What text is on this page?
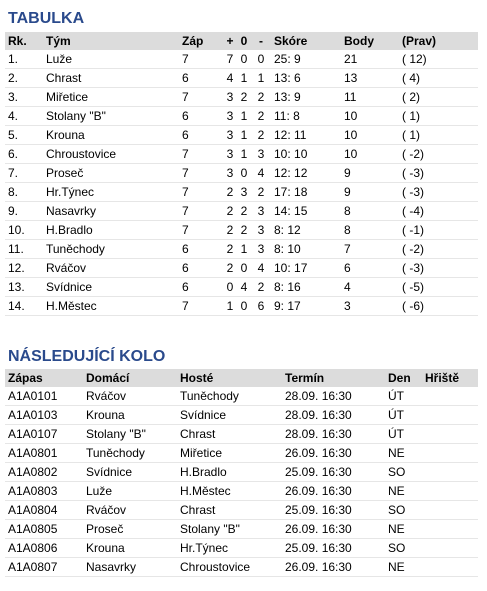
TABULKA
Rk.	Tým	Záp	+	0	-	Skóre	Body	(Prav)
1.	Luže	7	7	0	0	25: 9	21	( 12)
2.	Chrast	6	4	1	1	13: 6	13	( 4)
3.	Miřetice	7	3	2	2	13: 9	11	( 2)
4.	Stolany "B"	6	3	1	2	11: 8	10	( 1)
5.	Krouna	6	3	1	2	12: 11	10	( 1)
6.	Chroustovice	7	3	1	3	10: 10	10	( -2)
7.	Proseč	7	3	0	4	12: 12	9	( -3)
8.	Hr.Týnec	7	2	3	2	17: 18	9	( -3)
9.	Nasavrky	7	2	2	3	14: 15	8	( -4)
10.	H.Bradlo	7	2	2	3	8: 12	8	( -1)
11.	Tuněchody	6	2	1	3	8: 10	7	( -2)
12.	Rváčov	6	2	0	4	10: 17	6	( -3)
13.	Svídnice	6	0	4	2	8: 16	4	( -5)
14.	H.Městec	7	1	0	6	9: 17	3	( -6)
NÁSLEDUJÍCÍ KOLO
Zápas	Domácí	Hosté	Termín	Den	Hřiště
A1A0101	Rváčov	Tuněchody	28.09. 16:30	ÚT	
A1A0103	Krouna	Svídnice	28.09. 16:30	ÚT	
A1A0107	Stolany "B"	Chrast	28.09. 16:30	ÚT	
A1A0801	Tuněchody	Miřetice	26.09. 16:30	NE	
A1A0802	Svídnice	H.Bradlo	25.09. 16:30	SO	
A1A0803	Luže	H.Městec	26.09. 16:30	NE	
A1A0804	Rváčov	Chrast	25.09. 16:30	SO	
A1A0805	Proseč	Stolany "B"	26.09. 16:30	NE	
A1A0806	Krouna	Hr.Týnec	25.09. 16:30	SO	
A1A0807	Nasavrky	Chroustovice	26.09. 16:30	NE	
